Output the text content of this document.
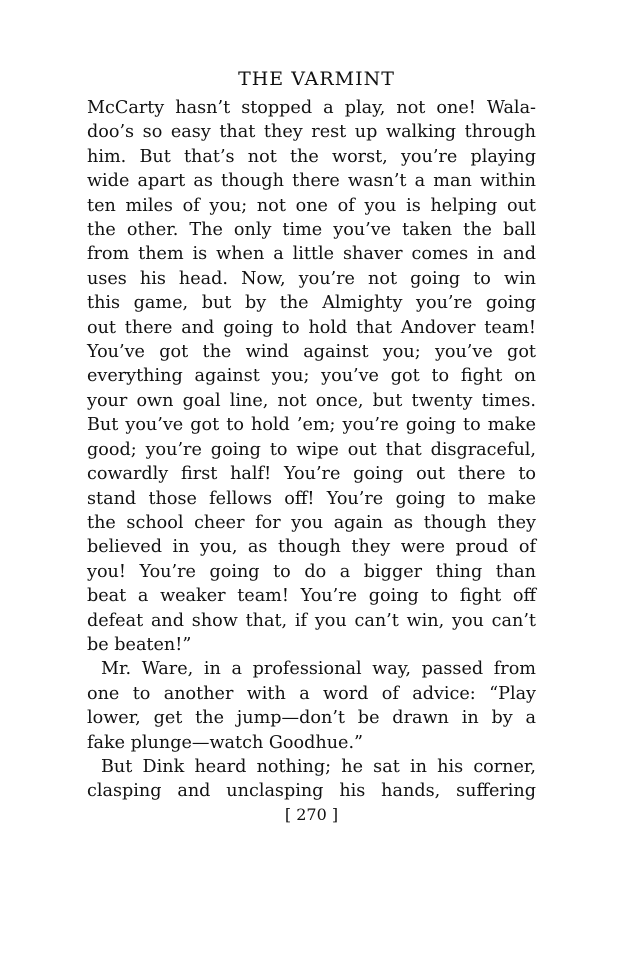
THE VARMINT
McCarty hasn’t stopped a play, not one! Wala-
doo’s so easy that they rest up walking through
him. But that’s not the worst, you’re playing
wide apart as though there wasn’t a man within
ten miles of you; not one of you is helping out
the other. The only time you’ve taken the ball
from them is when a little shaver comes in and
uses his head. Now, you’re not going to win
this game, but by the Almighty you’re going
out there and going to hold that Andover team!
You’ve got the wind against you; you’ve got
everything against you; you’ve got to fight on
your own goal line, not once, but twenty times.
But you’ve got to hold ’em; you’re going to make
good; you’re going to wipe out that disgraceful,
cowardly first half! You’re going out there to
stand those fellows off! You’re going to make
the school cheer for you again as though they
believed in you, as though they were proud of
you! You’re going to do a bigger thing than
beat a weaker team! You’re going to fight off
defeat and show that, if you can’t win, you can’t
be beaten!”
Mr. Ware, in a professional way, passed from
one to another with a word of advice: “Play
lower, get the jump—don’t be drawn in by a
fake plunge—watch Goodhue.”
But Dink heard nothing; he sat in his corner,
clasping and unclasping his hands, suffering
[ 270 ]
